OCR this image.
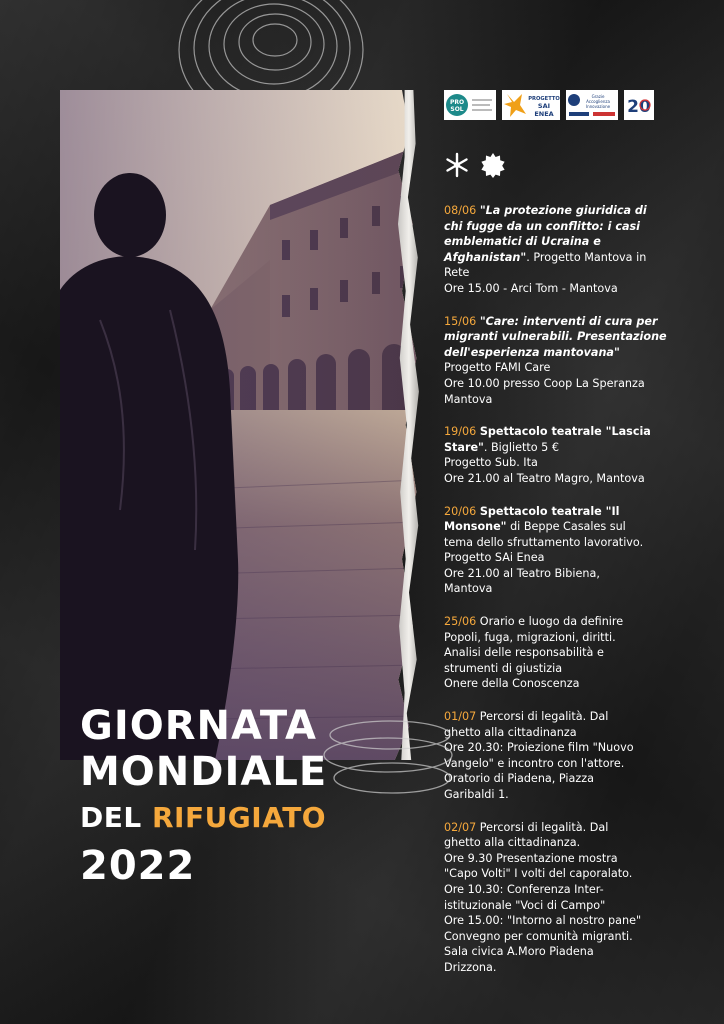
PRO
SOL
PROGETTO
SAI
ENEA
Grazie
Accoglienza
Innovazione 20
08/06 "La protezione giuridica di
chi fugge da un conflitto: i casi
emblematici di Ucraina e
Afghanistan". Progetto Mantova in
Rete
Ore 15.00 - Arci Tom - Mantova
15/06 "Care: interventi di cura per
migranti vulnerabili. Presentazione
dell'esperienza mantovana"
Progetto FAMI Care
Ore 10.00 presso Coop La Speranza
Mantova
19/06 Spettacolo teatrale "Lascia
Stare". Biglietto 5 €
Progetto Sub. Ita
Ore 21.00 al Teatro Magro, Mantova
20/06 Spettacolo teatrale "Il
Monsone" di Beppe Casales sul
tema dello sfruttamento lavorativo.
Progetto SAi Enea
Ore 21.00 al Teatro Bibiena,
Mantova
25/06 Orario e luogo da definire
Popoli, fuga, migrazioni, diritti.
Analisi delle responsabilità e
strumenti di giustizia
Onere della Conoscenza
01/07 Percorsi di legalità. Dal
ghetto alla cittadinanza
Ore 20.30: Proiezione film "Nuovo
Vangelo" e incontro con l'attore.
Oratorio di Piadena, Piazza
Garibaldi 1.
02/07 Percorsi di legalità. Dal
ghetto alla cittadinanza.
Ore 9.30 Presentazione mostra
"Capo Volti" I volti del caporalato.
Ore 10.30: Conferenza Inter-
istituzionale "Voci di Campo"
Ore 15.00: "Intorno al nostro pane"
Convegno per comunità migranti.
Sala civica A.Moro Piadena
Drizzona.
GIORNATA
MONDIALE
DEL RIFUGIATO
2022
